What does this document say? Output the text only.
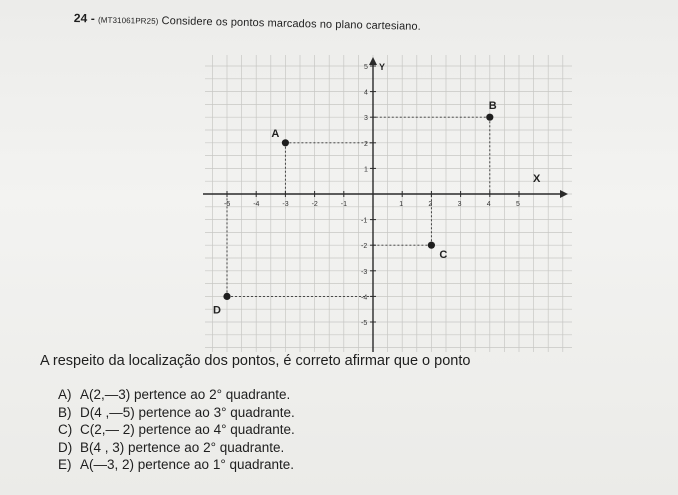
24 - (MT31061PR25) Considere os pontos marcados no plano cartesiano.
X
Y
-5	-4	-3	-2	-1	1	2	3	4	5
5
4
3
2
1
-1
-2
-3
-4
-5
A
B
C
D
A respeito da localização dos pontos, é correto afirmar que o ponto
A) A(2,—3) pertence ao 2° quadrante.
B) D(4 ,—5) pertence ao 3° quadrante.
C) C(2,— 2) pertence ao 4° quadrante.
D) B(4 , 3) pertence ao 2° quadrante.
E) A(—3, 2) pertence ao 1° quadrante.
